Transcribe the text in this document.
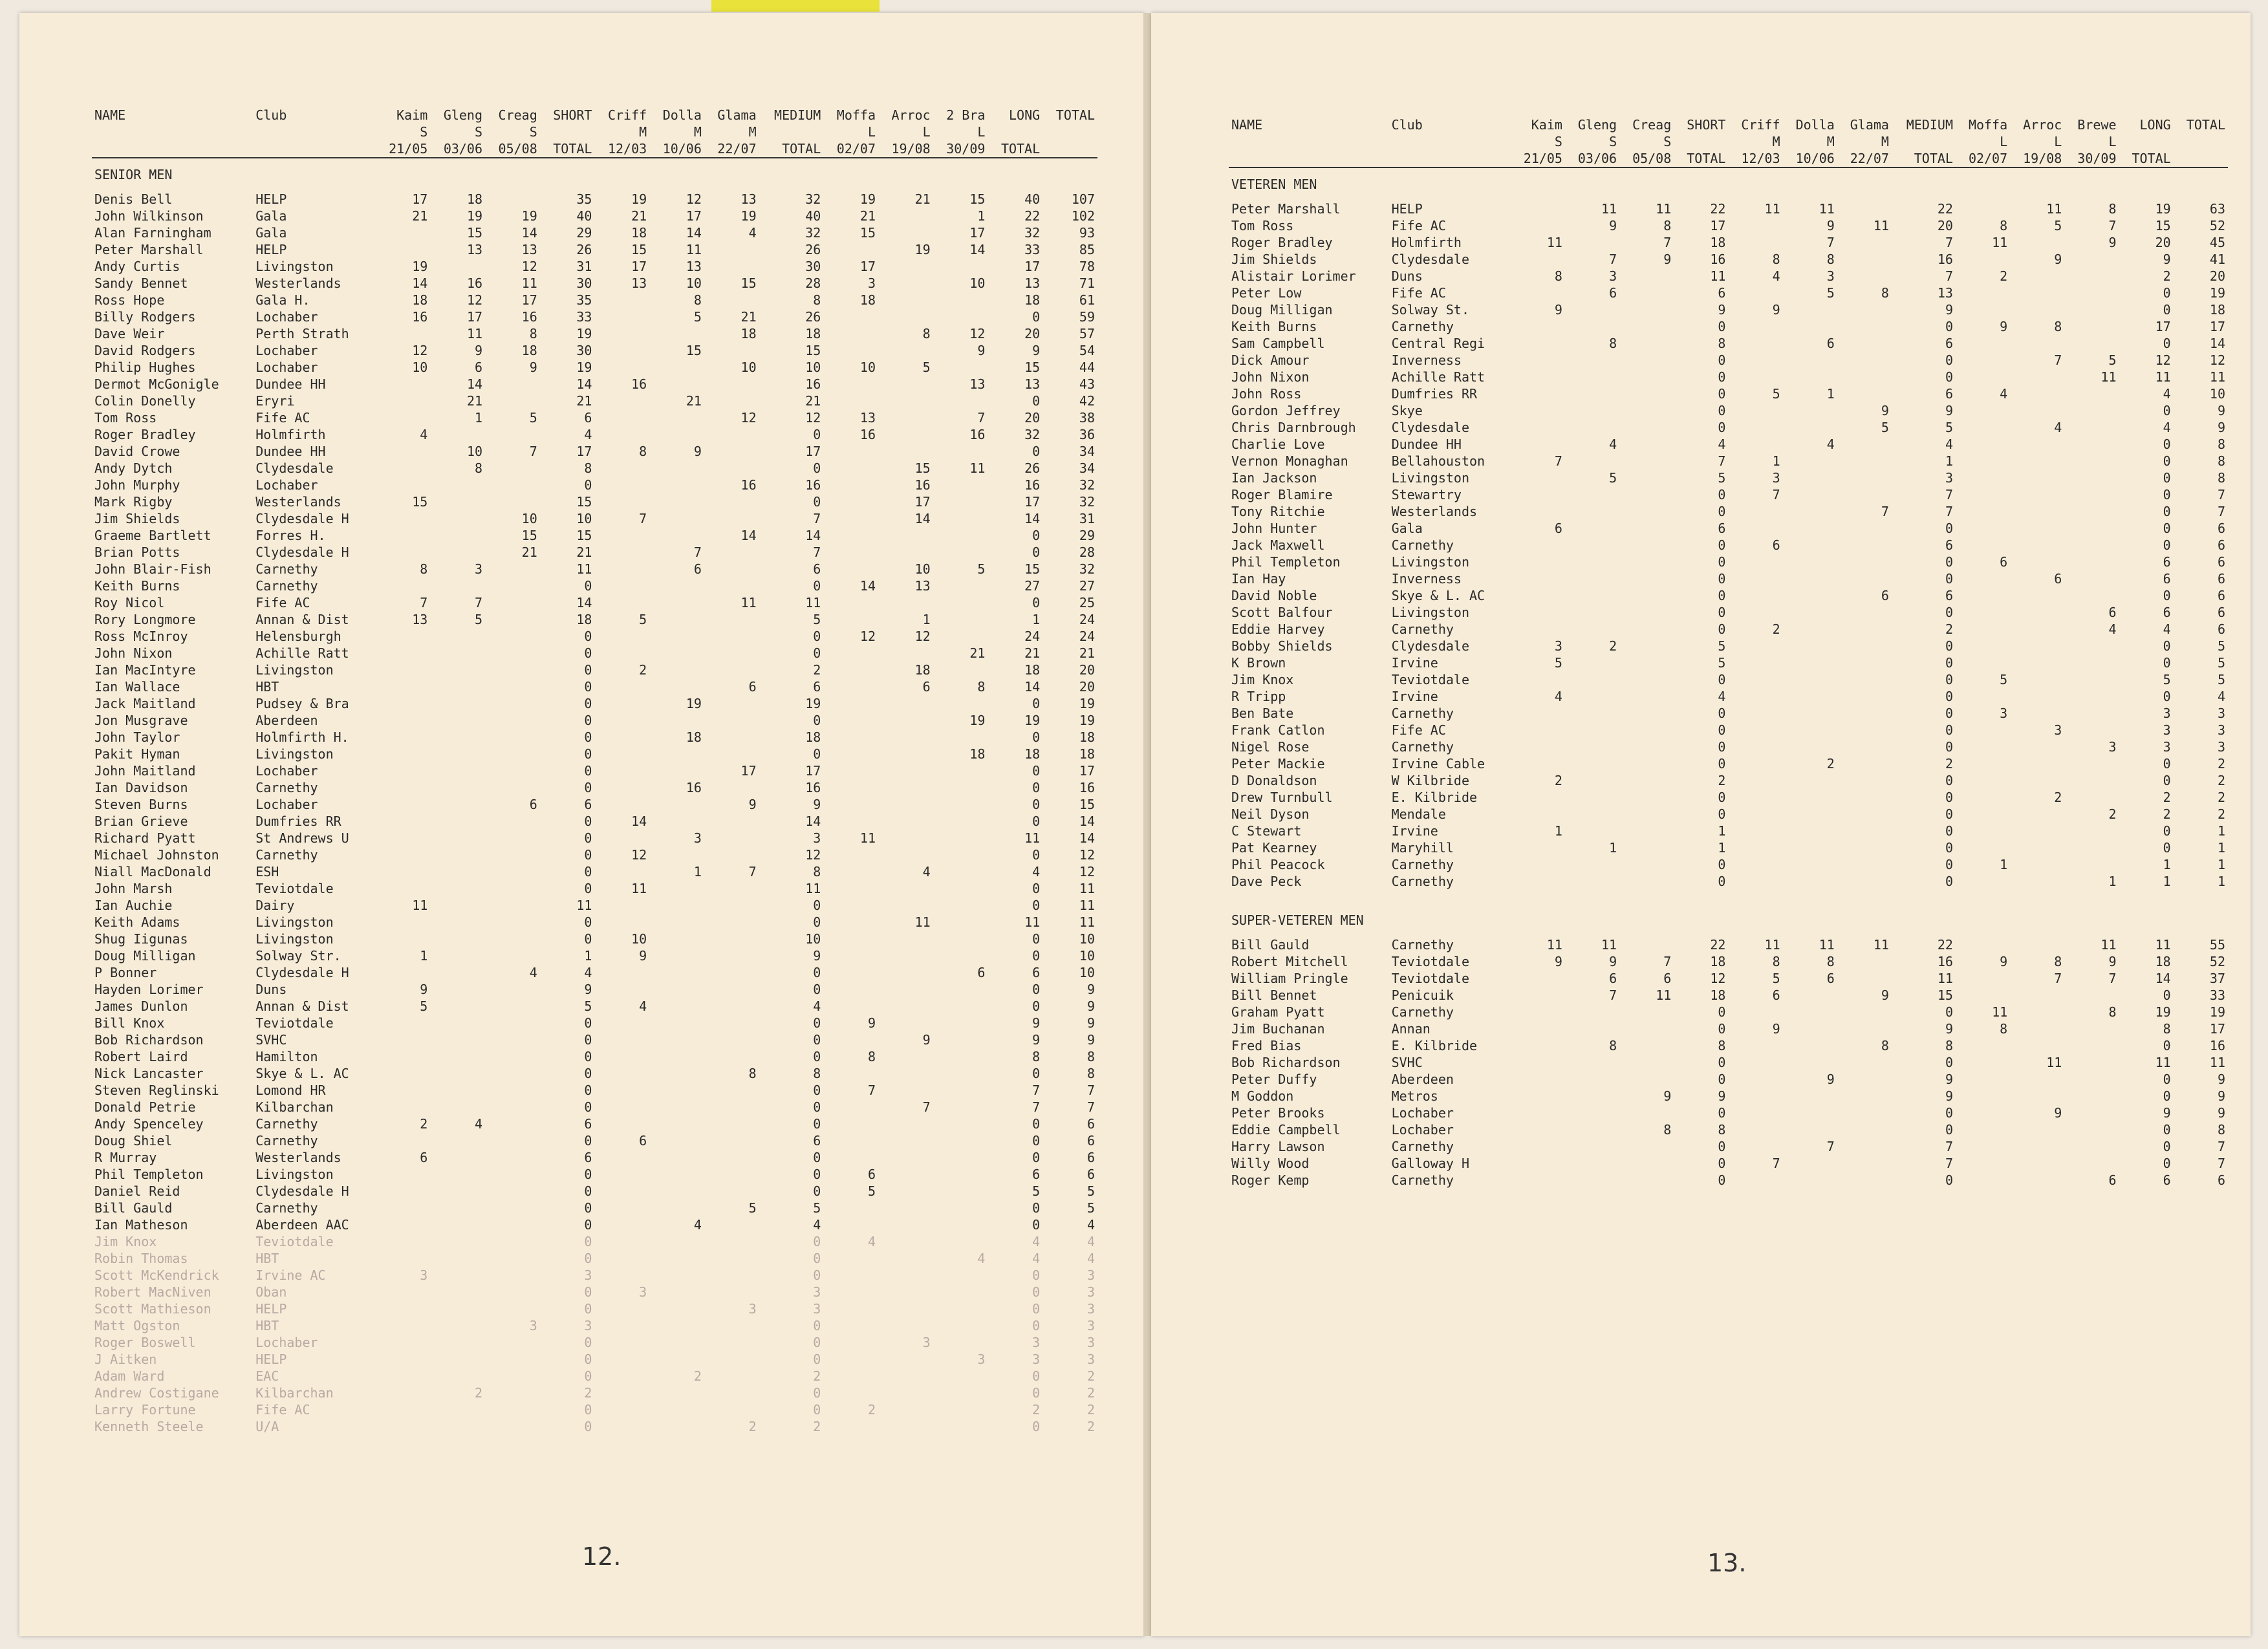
NAME	Club	Kaim	Gleng	Creag	SHORT	Criff	Dolla	Glama	MEDIUM	Moffa	Arroc	2 Bra	LONG	TOTAL
		S	S	S		M	M	M		L	L	L		
		21/05	03/06	05/08	TOTAL	12/03	10/06	22/07	TOTAL	02/07	19/08	30/09	TOTAL	

SENIOR MEN														
Denis Bell	HELP	17	18		35	19	12	13	32	19	21	15	40	107
John Wilkinson	Gala	21	19	19	40	21	17	19	40	21		1	22	102
Alan Farningham	Gala		15	14	29	18	14	4	32	15		17	32	93
Peter Marshall	HELP		13	13	26	15	11		26		19	14	33	85
Andy Curtis	Livingston	19		12	31	17	13		30	17			17	78
Sandy Bennet	Westerlands	14	16	11	30	13	10	15	28	3		10	13	71
Ross Hope	Gala H.	18	12	17	35		8		8	18			18	61
Billy Rodgers	Lochaber	16	17	16	33		5	21	26				0	59
Dave Weir	Perth Strath		11	8	19			18	18		8	12	20	57
David Rodgers	Lochaber	12	9	18	30		15		15			9	9	54
Philip Hughes	Lochaber	10	6	9	19			10	10	10	5		15	44
Dermot McGonigle	Dundee HH		14		14	16			16			13	13	43
Colin Donelly	Eryri		21		21		21		21				0	42
Tom Ross	Fife AC		1	5	6			12	12	13		7	20	38
Roger Bradley	Holmfirth	4			4				0	16		16	32	36
David Crowe	Dundee HH		10	7	17	8	9		17				0	34
Andy Dytch	Clydesdale		8		8				0		15	11	26	34
John Murphy	Lochaber				0			16	16		16		16	32
Mark Rigby	Westerlands	15			15				0		17		17	32
Jim Shields	Clydesdale H			10	10	7			7		14		14	31
Graeme Bartlett	Forres H.			15	15			14	14				0	29
Brian Potts	Clydesdale H			21	21		7		7				0	28
John Blair-Fish	Carnethy	8	3		11		6		6		10	5	15	32
Keith Burns	Carnethy				0				0	14	13		27	27
Roy Nicol	Fife AC	7	7		14			11	11				0	25
Rory Longmore	Annan & Dist	13	5		18	5			5		1		1	24
Ross McInroy	Helensburgh				0				0	12	12		24	24
John Nixon	Achille Ratt				0				0			21	21	21
Ian MacIntyre	Livingston				0	2			2		18		18	20
Ian Wallace	HBT				0			6	6		6	8	14	20
Jack Maitland	Pudsey & Bra				0		19		19				0	19
Jon Musgrave	Aberdeen				0				0			19	19	19
John Taylor	Holmfirth H.				0		18		18				0	18
Pakit Hyman	Livingston				0				0			18	18	18
John Maitland	Lochaber				0			17	17				0	17
Ian Davidson	Carnethy				0		16		16				0	16
Steven Burns	Lochaber			6	6			9	9				0	15
Brian Grieve	Dumfries RR				0	14			14				0	14
Richard Pyatt	St Andrews U				0		3		3	11			11	14
Michael Johnston	Carnethy				0	12			12				0	12
Niall MacDonald	ESH				0		1	7	8		4		4	12
John Marsh	Teviotdale				0	11			11				0	11
Ian Auchie	Dairy	11			11				0				0	11
Keith Adams	Livingston				0				0		11		11	11
Shug Iigunas	Livingston				0	10			10				0	10
Doug Milligan	Solway Str.	1			1	9			9				0	10
P Bonner	Clydesdale H			4	4				0			6	6	10
Hayden Lorimer	Duns	9			9				0				0	9
James Dunlon	Annan & Dist	5			5	4			4				0	9
Bill Knox	Teviotdale				0				0	9			9	9
Bob Richardson	SVHC				0				0		9		9	9
Robert Laird	Hamilton				0				0	8			8	8
Nick Lancaster	Skye & L. AC				0			8	8				0	8
Steven Reglinski	Lomond HR				0				0	7			7	7
Donald Petrie	Kilbarchan				0				0		7		7	7
Andy Spenceley	Carnethy	2	4		6				0				0	6
Doug Shiel	Carnethy				0	6			6				0	6
R Murray	Westerlands	6			6				0				0	6
Phil Templeton	Livingston				0				0	6			6	6
Daniel Reid	Clydesdale H				0				0	5			5	5
Bill Gauld	Carnethy				0			5	5				0	5
Ian Matheson	Aberdeen AAC				0		4		4				0	4
Jim Knox	Teviotdale				0				0	4			4	4
Robin Thomas	HBT				0				0			4	4	4
Scott McKendrick	Irvine AC	3			3				0				0	3
Robert MacNiven	Oban				0	3			3				0	3
Scott Mathieson	HELP				0			3	3				0	3
Matt Ogston	HBT			3	3				0				0	3
Roger Boswell	Lochaber				0				0		3		3	3
J Aitken	HELP				0				0			3	3	3
Adam Ward	EAC				0		2		2				0	2
Andrew Costigane	Kilbarchan		2		2				0				0	2
Larry Fortune	Fife AC				0				0	2			2	2
Kenneth Steele	U/A				0			2	2				0	2
NAME	Club	Kaim	Gleng	Creag	SHORT	Criff	Dolla	Glama	MEDIUM	Moffa	Arroc	Brewe	LONG	TOTAL
		S	S	S		M	M	M		L	L	L		
		21/05	03/06	05/08	TOTAL	12/03	10/06	22/07	TOTAL	02/07	19/08	30/09	TOTAL	

VETEREN MEN														
Peter Marshall	HELP		11	11	22	11	11		22		11	8	19	63
Tom Ross	Fife AC		9	8	17		9	11	20	8	5	7	15	52
Roger Bradley	Holmfirth	11		7	18		7		7	11		9	20	45
Jim Shields	Clydesdale		7	9	16	8	8		16		9		9	41
Alistair Lorimer	Duns	8	3		11	4	3		7	2			2	20
Peter Low	Fife AC		6		6		5	8	13				0	19
Doug Milligan	Solway St.	9			9	9			9				0	18
Keith Burns	Carnethy				0				0	9	8		17	17
Sam Campbell	Central Regi		8		8		6		6				0	14
Dick Amour	Inverness				0				0		7	5	12	12
John Nixon	Achille Ratt				0				0			11	11	11
John Ross	Dumfries RR				0	5	1		6	4			4	10
Gordon Jeffrey	Skye				0			9	9				0	9
Chris Darnbrough	Clydesdale				0			5	5		4		4	9
Charlie Love	Dundee HH		4		4		4		4				0	8
Vernon Monaghan	Bellahouston	7			7	1			1				0	8
Ian Jackson	Livingston		5		5	3			3				0	8
Roger Blamire	Stewartry				0	7			7				0	7
Tony Ritchie	Westerlands				0			7	7				0	7
John Hunter	Gala	6			6				0				0	6
Jack Maxwell	Carnethy				0	6			6				0	6
Phil Templeton	Livingston				0				0	6			6	6
Ian Hay	Inverness				0				0		6		6	6
David Noble	Skye & L. AC				0			6	6				0	6
Scott Balfour	Livingston				0				0			6	6	6
Eddie Harvey	Carnethy				0	2			2			4	4	6
Bobby Shields	Clydesdale	3	2		5				0				0	5
K Brown	Irvine	5			5				0				0	5
Jim Knox	Teviotdale				0				0	5			5	5
R Tripp	Irvine	4			4				0				0	4
Ben Bate	Carnethy				0				0	3			3	3
Frank Catlon	Fife AC				0				0		3		3	3
Nigel Rose	Carnethy				0				0			3	3	3
Peter Mackie	Irvine Cable				0		2		2				0	2
D Donaldson	W Kilbride	2			2				0				0	2
Drew Turnbull	E. Kilbride				0				0		2		2	2
Neil Dyson	Mendale				0				0			2	2	2
C Stewart	Irvine	1			1				0				0	1
Pat Kearney	Maryhill		1		1				0				0	1
Phil Peacock	Carnethy				0				0	1			1	1
Dave Peck	Carnethy				0				0			1	1	1

SUPER-VETEREN MEN														
Bill Gauld	Carnethy	11	11		22	11	11	11	22			11	11	55
Robert Mitchell	Teviotdale	9	9	7	18	8	8		16	9	8	9	18	52
William Pringle	Teviotdale		6	6	12	5	6		11		7	7	14	37
Bill Bennet	Penicuik		7	11	18	6		9	15				0	33
Graham Pyatt	Carnethy				0				0	11		8	19	19
Jim Buchanan	Annan				0	9			9	8			8	17
Fred Bias	E. Kilbride		8		8			8	8				0	16
Bob Richardson	SVHC				0				0		11		11	11
Peter Duffy	Aberdeen				0		9		9				0	9
M Goddon	Metros			9	9				9				0	9
Peter Brooks	Lochaber				0				0		9		9	9
Eddie Campbell	Lochaber			8	8				0				0	8
Harry Lawson	Carnethy				0		7		7				0	7
Willy Wood	Galloway H				0	7			7				0	7
Roger Kemp	Carnethy				0				0			6	6	6
12.	13.
